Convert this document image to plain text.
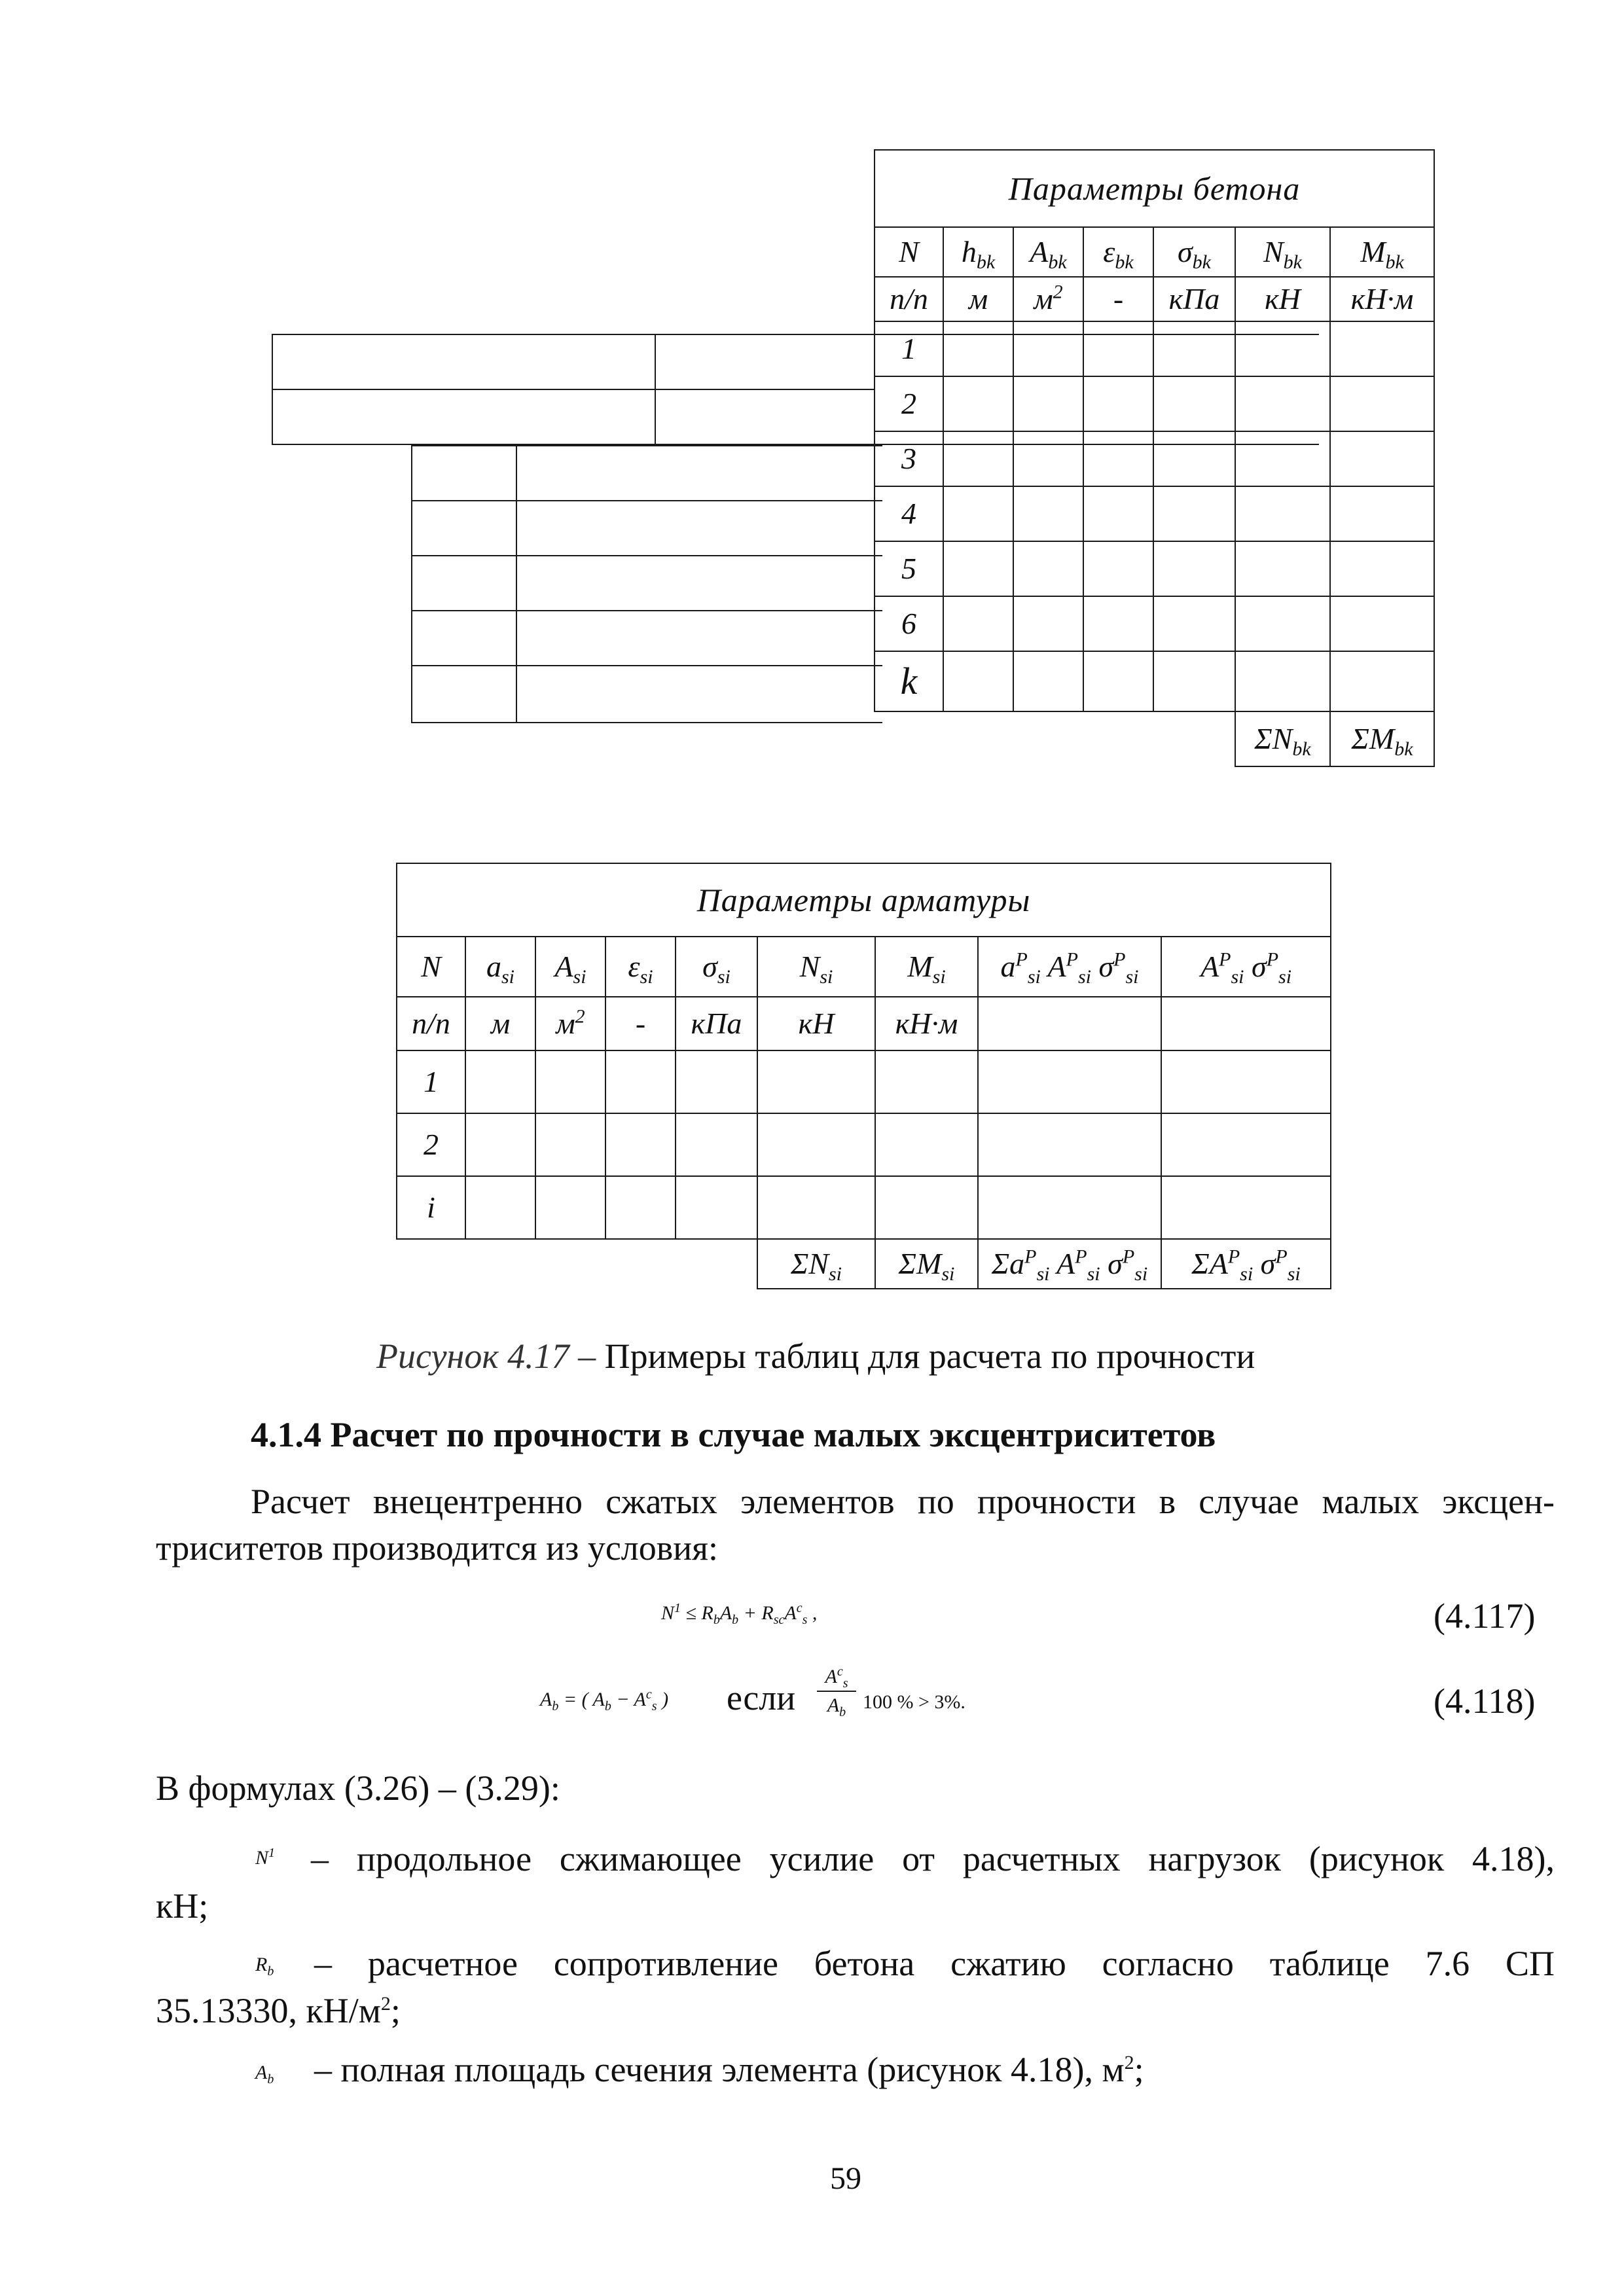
Параметры бетона						
N	$h_{bk}$	$A_{bk}$	$\varepsilon_{bk}$	$\sigma_{bk}$	$N_{bk}$	$M_{bk}$
п/п	м	$м^2$	-	кПа	кН	кН·м
1						
2						
3						
4						
5						
6						
k						
					$\Sigma N_{bk}$	$\Sigma M_{bk}$
Параметры арматуры								
N	$a_{si}$	$A_{si}$	$\varepsilon_{si}$	$\sigma_{si}$	$N_{si}$	$M_{si}$	$a^P_{si}$ $A^P_{si}$ $\sigma^P_{si}$	$A^P_{si}$ $\sigma^P_{si}$
п/п	м	$м^2$	-	кПа	кН	кН·м		
1								
2								
i								
					$\Sigma N_{si}$	$\Sigma M_{si}$	$\Sigma a^P_{si}$ $A^P_{si}$ $\sigma^P_{si}$	$\Sigma A^P_{si}$ $\sigma^P_{si}$
Рисунок 4.17 – Примеры таблиц для расчета по прочности
4.1.4 Расчет по прочности в случае малых эксцентриситетов
Расчет внецентренно сжатых элементов по прочности в случае малых эксцен-
триситетов производится из условия:
$N^1 \le R_bA_b + R_{sc}A^c_s$ ,	(4.117)
$A_b$ = ( $A_b - A^c_s$ ) если
$A^c_s$
$A_b$ 100 % > 3%.	(4.118)
В формулах (3.26) – (3.29):
$N^1$ – продольное сжимающее усилие от расчетных нагрузок (рисунок 4.18),
кН;
$R_b$ – расчетное сопротивление бетона сжатию согласно таблице 7.6 СП
35.13330, $кН/м^2$;
$A_b$ – полная площадь сечения элемента (рисунок 4.18), $м^2$;
59
